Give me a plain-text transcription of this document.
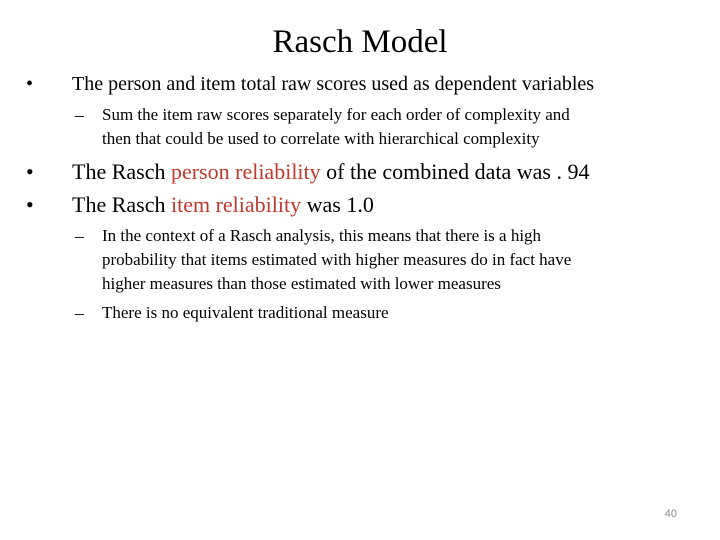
Rasch Model
• The person and item total raw scores used as dependent variables
– Sum the item raw scores separately for each order of complexity and
then that could be used to correlate with hierarchical complexity
• The Rasch person reliability of the combined data was . 94
• The Rasch item reliability was 1.0
– In the context of a Rasch analysis, this means that there is a high
probability that items estimated with higher measures do in fact have
higher measures than those estimated with lower measures
– There is no equivalent traditional measure
40
